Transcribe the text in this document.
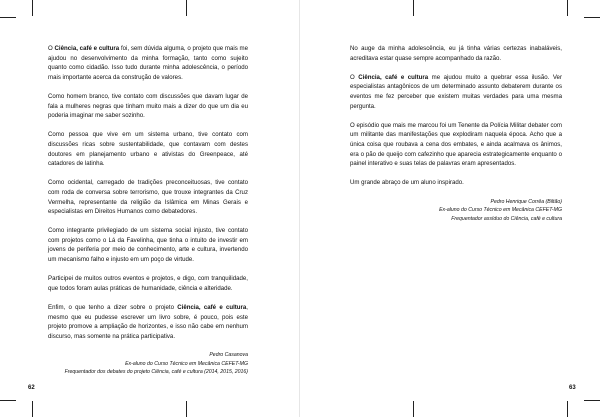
O Ciência, café e cultura foi, sem dúvida alguma, o projeto que mais me ajudou no desenvolvimento da minha formação, tanto como sujeito quanto como cidadão. Isso tudo durante minha adolescência, o período mais importante acerca da construção de valores.

Como homem branco, tive contato com discussões que davam lugar de fala a mulheres negras que tinham muito mais a dizer do que um dia eu poderia imaginar me saber sozinho.

Como pessoa que vive em um sistema urbano, tive contato com discussões ricas sobre sustentabilidade, que contavam com destes doutores em planejamento urbano e ativistas do Greenpeace, até catadores de latinha.

Como ocidental, carregado de tradições preconceituosas, tive contato com roda de conversa sobre terrorismo, que trouxe integrantes da Cruz Vermelha, representante da religião da Islâmica em Minas Gerais e especialistas em Direitos Humanos como debatedores.

Como integrante privilegiado de um sistema social injusto, tive contato com projetos como o Lá da Favelinha, que tinha o intuito de investir em jovens de periferia por meio de conhecimento, arte e cultura, invertendo um mecanismo falho e injusto em um poço de virtude.

Participei de muitos outros eventos e projetos, e digo, com tranquilidade, que todos foram aulas práticas de humanidade, ciência e alteridade.

Enfim, o que tenho a dizer sobre o projeto Ciência, café e cultura, mesmo que eu pudesse escrever um livro sobre, é pouco, pois este projeto promove a ampliação de horizontes, e isso não cabe em nenhum discurso, mas somente na prática participativa.

Pedro Casanova
Ex-aluno do Curso Técnico em Mecânica CEFET-MG
Frequentador dos debates do projeto Ciência, café e cultura (2014, 2015, 2016)
62

No auge da minha adolescência, eu já tinha várias certezas inabaláveis, acreditava estar quase sempre acompanhado da razão.

O Ciência, café e cultura me ajudou muito a quebrar essa ilusão. Ver especialistas antagônicos de um determinado assunto debaterem durante os eventos me fez perceber que existem muitas verdades para uma mesma pergunta.

O episódio que mais me marcou foi um Tenente da Polícia Militar debater com um militante das manifestações que explodiram naquela época. Acho que a única coisa que roubava a cena dos embates, e ainda acalmava os ânimos, era o pão de queijo com cafezinho que aparecia estrategicamente enquanto o painel interativo e suas telas de palavras eram apresentados.

Um grande abraço de um aluno inspirado.

Pedro Henrique Corrêa (Biltão)
Ex-aluno do Curso Técnico em Mecânica CEFET-MG
Frequentador assíduo do Ciência, café e cultura
63
